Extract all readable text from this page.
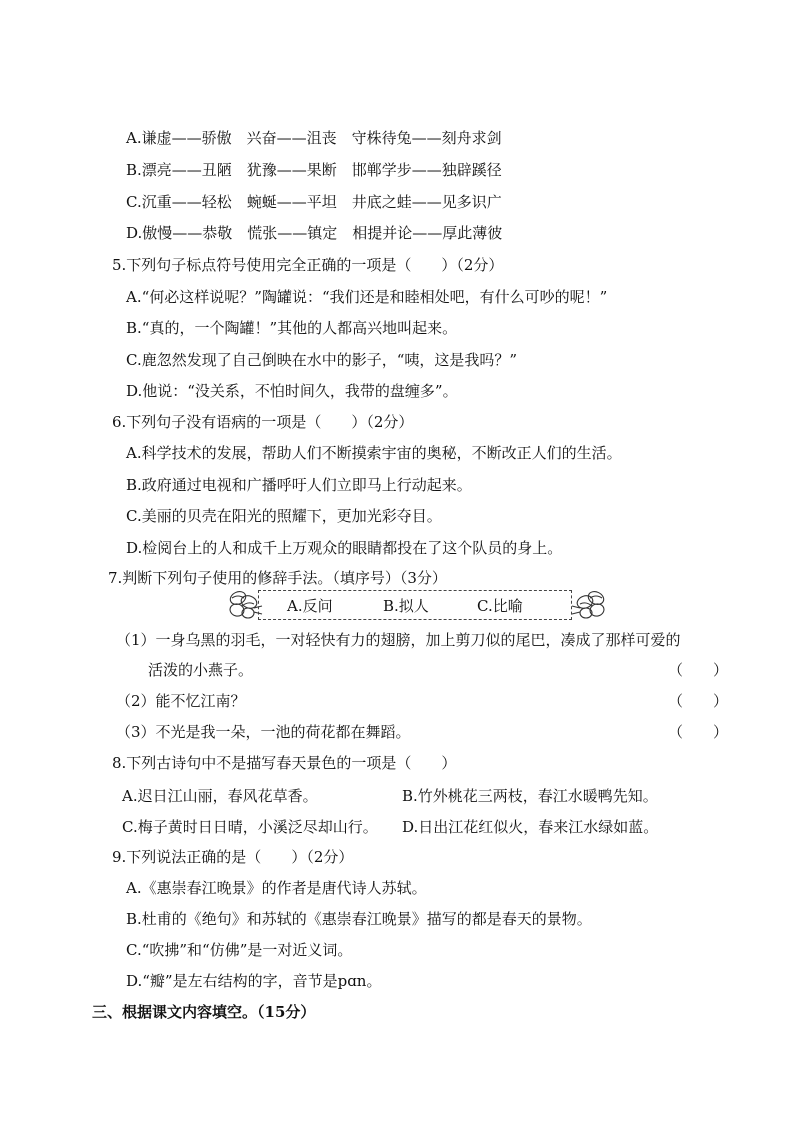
A.谦虚——骄傲　兴奋——沮丧　守株待兔——刻舟求剑
B.漂亮——丑陋　犹豫——果断　邯郸学步——独辟蹊径
C.沉重——轻松　蜿蜒——平坦　井底之蛙——见多识广
D.傲慢——恭敬　慌张——镇定　相提并论——厚此薄彼
5.下列句子标点符号使用完全正确的一项是（　　）（2分）
A.“何必这样说呢？”陶罐说：“我们还是和睦相处吧，有什么可吵的呢！”
B.“真的，一个陶罐！”其他的人都高兴地叫起来。
C.鹿忽然发现了自己倒映在水中的影子，“咦，这是我吗？”
D.他说：“没关系，不怕时间久，我带的盘缠多”。
6.下列句子没有语病的一项是（　　）（2分）
A.科学技术的发展，帮助人们不断摸索宇宙的奥秘，不断改正人们的生活。
B.政府通过电视和广播呼吁人们立即马上行动起来。
C.美丽的贝壳在阳光的照耀下，更加光彩夺目。
D.检阅台上的人和成千上万观众的眼睛都投在了这个队员的身上。
7.判断下列句子使用的修辞手法。（填序号）（3分）
A.反问	B.拟人	C.比喻
（1）一身乌黑的羽毛，一对轻快有力的翅膀，加上剪刀似的尾巴，凑成了那样可爱的
活泼的小燕子。	（　　）
（2）能不忆江南？	（　　）
（3）不光是我一朵，一池的荷花都在舞蹈。	（　　）
8.下列古诗句中不是描写春天景色的一项是（　　）
A.迟日江山丽，春风花草香。	B.竹外桃花三两枝，春江水暖鸭先知。
C.梅子黄时日日晴，小溪泛尽却山行。 D.日出江花红似火，春来江水绿如蓝。
9.下列说法正确的是（　　）（2分）
A.《惠崇春江晚景》的作者是唐代诗人苏轼。
B.杜甫的《绝句》和苏轼的《惠崇春江晚景》描写的都是春天的景物。
C.“吹拂”和“仿佛”是一对近义词。
D.“瓣”是左右结构的字，音节是pɑn。
三、根据课文内容填空。（15分）
